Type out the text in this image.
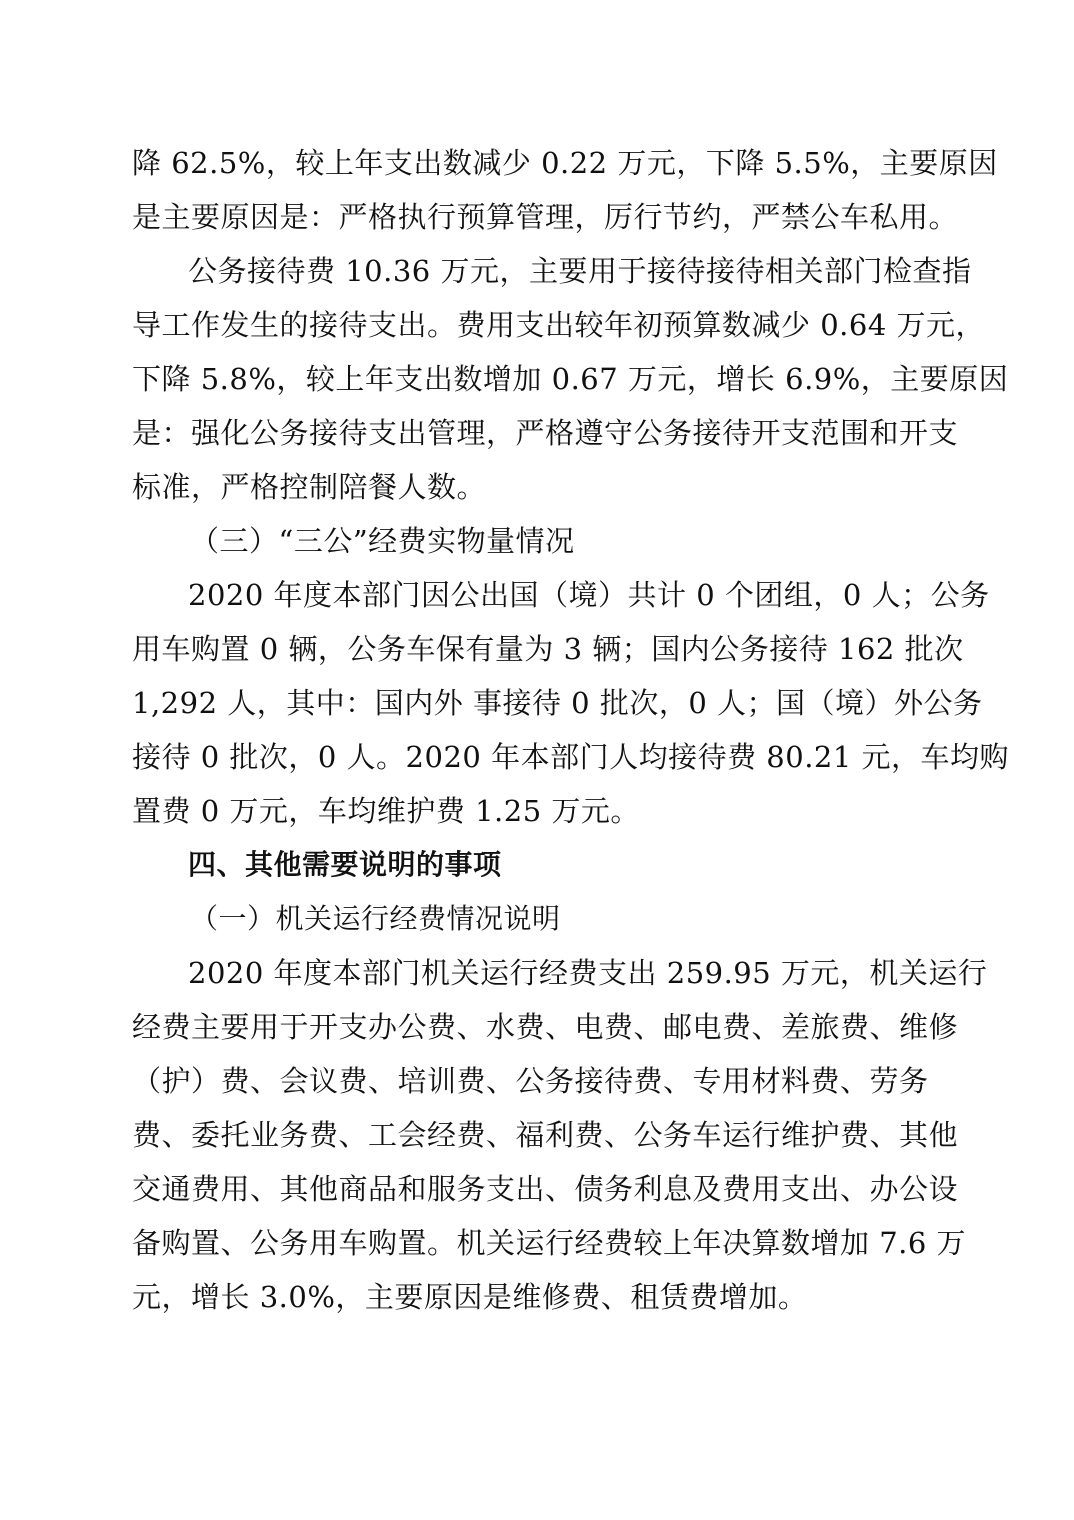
降 62.5%，较上年支出数减少 0.22 万元，下降 5.5%，主要原因
是主要原因是：严格执行预算管理，厉行节约，严禁公车私用。
公务接待费 10.36 万元，主要用于接待接待相关部门检查指
导工作发生的接待支出。费用支出较年初预算数减少 0.64 万元，
下降 5.8%，较上年支出数增加 0.67 万元，增长 6.9%，主要原因
是：强化公务接待支出管理，严格遵守公务接待开支范围和开支
标准，严格控制陪餐人数。
（三）“三公”经费实物量情况
2020 年度本部门因公出国（境）共计 0 个团组，0 人；公务
用车购置 0 辆，公务车保有量为 3 辆；国内公务接待 162 批次
1,292 人，其中：国内外 事接待 0 批次，0 人；国（境）外公务
接待 0 批次，0 人。2020 年本部门人均接待费 80.21 元，车均购
置费 0 万元，车均维护费 1.25 万元。
四、其他需要说明的事项
（一）机关运行经费情况说明
2020 年度本部门机关运行经费支出 259.95 万元，机关运行
经费主要用于开支办公费、水费、电费、邮电费、差旅费、维修
（护）费、会议费、培训费、公务接待费、专用材料费、劳务
费、委托业务费、工会经费、福利费、公务车运行维护费、其他
交通费用、其他商品和服务支出、债务利息及费用支出、办公设
备购置、公务用车购置。机关运行经费较上年决算数增加 7.6 万
元，增长 3.0%，主要原因是维修费、租赁费增加。
